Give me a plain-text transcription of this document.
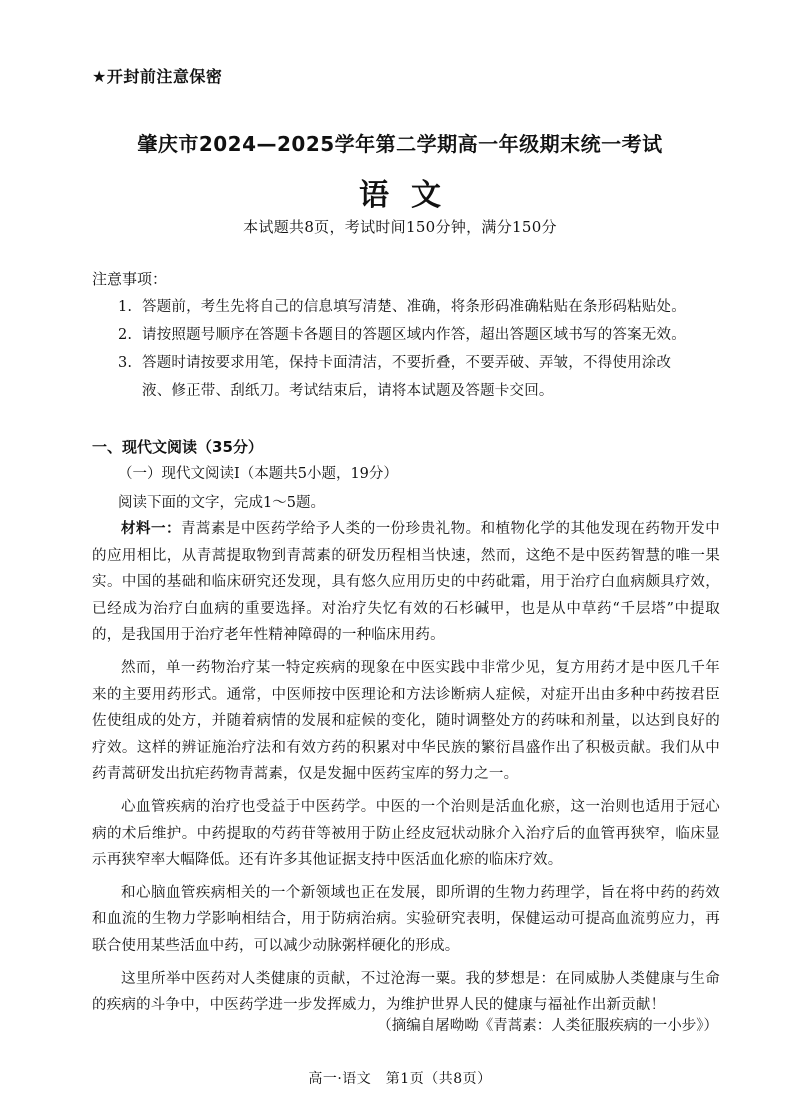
★开封前注意保密
肇庆市2024—2025学年第二学期高一年级期末统一考试
语文
本试题共8页，考试时间150分钟，满分150分
注意事项：
1. 答题前，考生先将自己的信息填写清楚、准确，将条形码准确粘贴在条形码粘贴处。
2. 请按照题号顺序在答题卡各题目的答题区域内作答，超出答题区域书写的答案无效。
3. 答题时请按要求用笔，保持卡面清洁，不要折叠，不要弄破、弄皱，不得使用涂改
液、修正带、刮纸刀。考试结束后，请将本试题及答题卡交回。
一、现代文阅读（35分）
（一）现代文阅读Ⅰ（本题共5小题，19分）
阅读下面的文字，完成1～5题。

材料一：青蒿素是中医药学给予人类的一份珍贵礼物。和植物化学的其他发现在药物开发中的应用相比，从青蒿提取物到青蒿素的研发历程相当快速，然而，这绝不是中医药智慧的唯一果实。中国的基础和临床研究还发现，具有悠久应用历史的中药砒霜，用于治疗白血病颇具疗效，已经成为治疗白血病的重要选择。对治疗失忆有效的石杉碱甲，也是从中草药“千层塔”中提取的，是我国用于治疗老年性精神障碍的一种临床用药。

然而，单一药物治疗某一特定疾病的现象在中医实践中非常少见，复方用药才是中医几千年来的主要用药形式。通常，中医师按中医理论和方法诊断病人症候，对症开出由多种中药按君臣佐使组成的处方，并随着病情的发展和症候的变化，随时调整处方的药味和剂量，以达到良好的疗效。这样的辨证施治疗法和有效方药的积累对中华民族的繁衍昌盛作出了积极贡献。我们从中药青蒿研发出抗疟药物青蒿素，仅是发掘中医药宝库的努力之一。

心血管疾病的治疗也受益于中医药学。中医的一个治则是活血化瘀，这一治则也适用于冠心病的术后维护。中药提取的芍药苷等被用于防止经皮冠状动脉介入治疗后的血管再狭窄，临床显示再狭窄率大幅降低。还有许多其他证据支持中医活血化瘀的临床疗效。

和心脑血管疾病相关的一个新领域也正在发展，即所谓的生物力药理学，旨在将中药的药效和血流的生物力学影响相结合，用于防病治病。实验研究表明，保健运动可提高血流剪应力，再联合使用某些活血中药，可以减少动脉粥样硬化的形成。

这里所举中医药对人类健康的贡献，不过沧海一粟。我的梦想是：在同威胁人类健康与生命的疾病的斗争中，中医药学进一步发挥威力，为维护世界人民的健康与福祉作出新贡献！

（摘编自屠呦呦《青蒿素：人类征服疾病的一小步》）
高一·语文　第1页（共8页）
